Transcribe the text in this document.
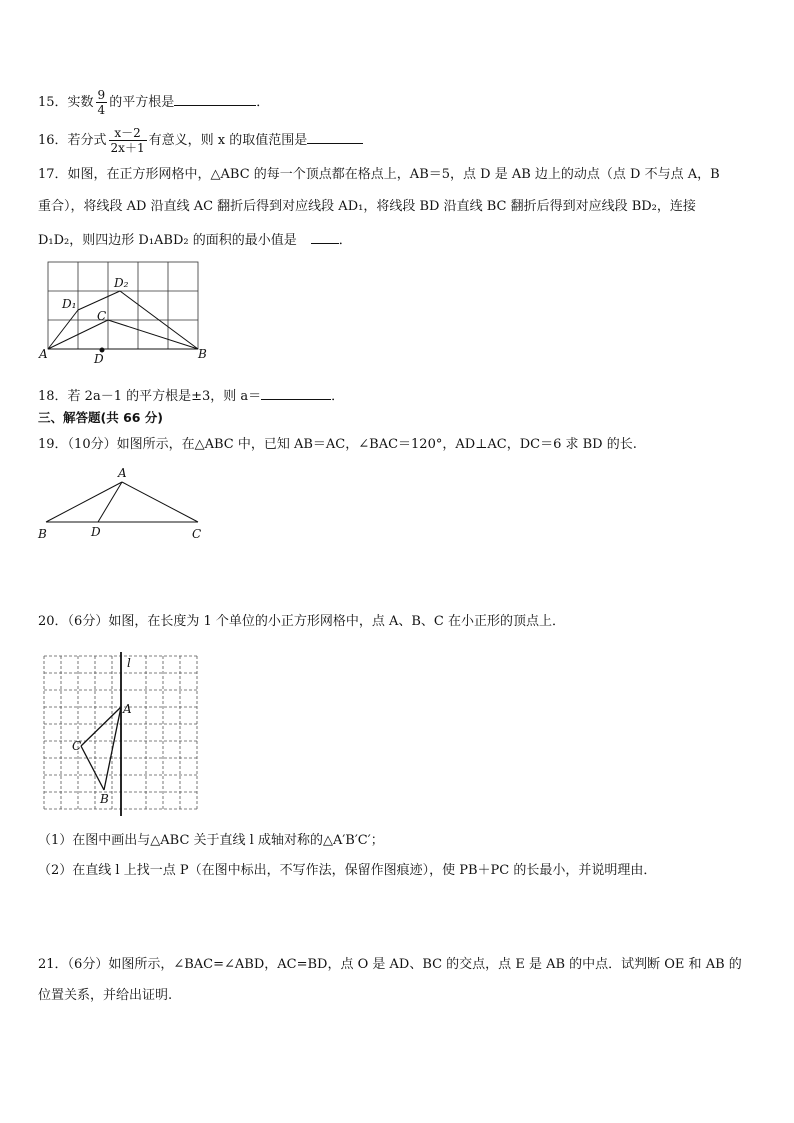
15．实数 $\frac{9}{4}$ 的平方根是	．
16．若分式 $\frac{x-2}{2x+1}$ 有意义，则 x 的取值范围是
17．如图，在正方形网格中，△ABC 的每一个顶点都在格点上，AB＝5，点 D 是 AB 边上的动点（点 D 不与点 A，B
重合），将线段 AD 沿直线 AC 翻折后得到对应线段 AD₁，将线段 BD 沿直线 BC 翻折后得到对应线段 BD₂，连接
D₁D₂，则四边形 D₁ABD₂ 的面积的最小值是	．
A	B
C
D
D₁
D₂
18．若 2a－1 的平方根是±3，则 a＝	．
三、解答题(共 66 分)
19．（10分）如图所示，在△ABC 中，已知 AB＝AC，∠BAC＝120°，AD⊥AC，DC＝6 求 BD 的长.
A
B	D	C
20．（6分）如图，在长度为 1 个单位的小正方形网格中，点 A、B、C 在小正形的顶点上．
l
A
C
B
（1）在图中画出与△ABC 关于直线 l 成轴对称的△A′B′C′；
（2）在直线 l 上找一点 P（在图中标出，不写作法，保留作图痕迹），使 PB＋PC 的长最小，并说明理由．
21．（6分）如图所示，∠BAC=∠ABD，AC=BD，点 O 是 AD、BC 的交点，点 E 是 AB 的中点．试判断 OE 和 AB 的
位置关系，并给出证明.
